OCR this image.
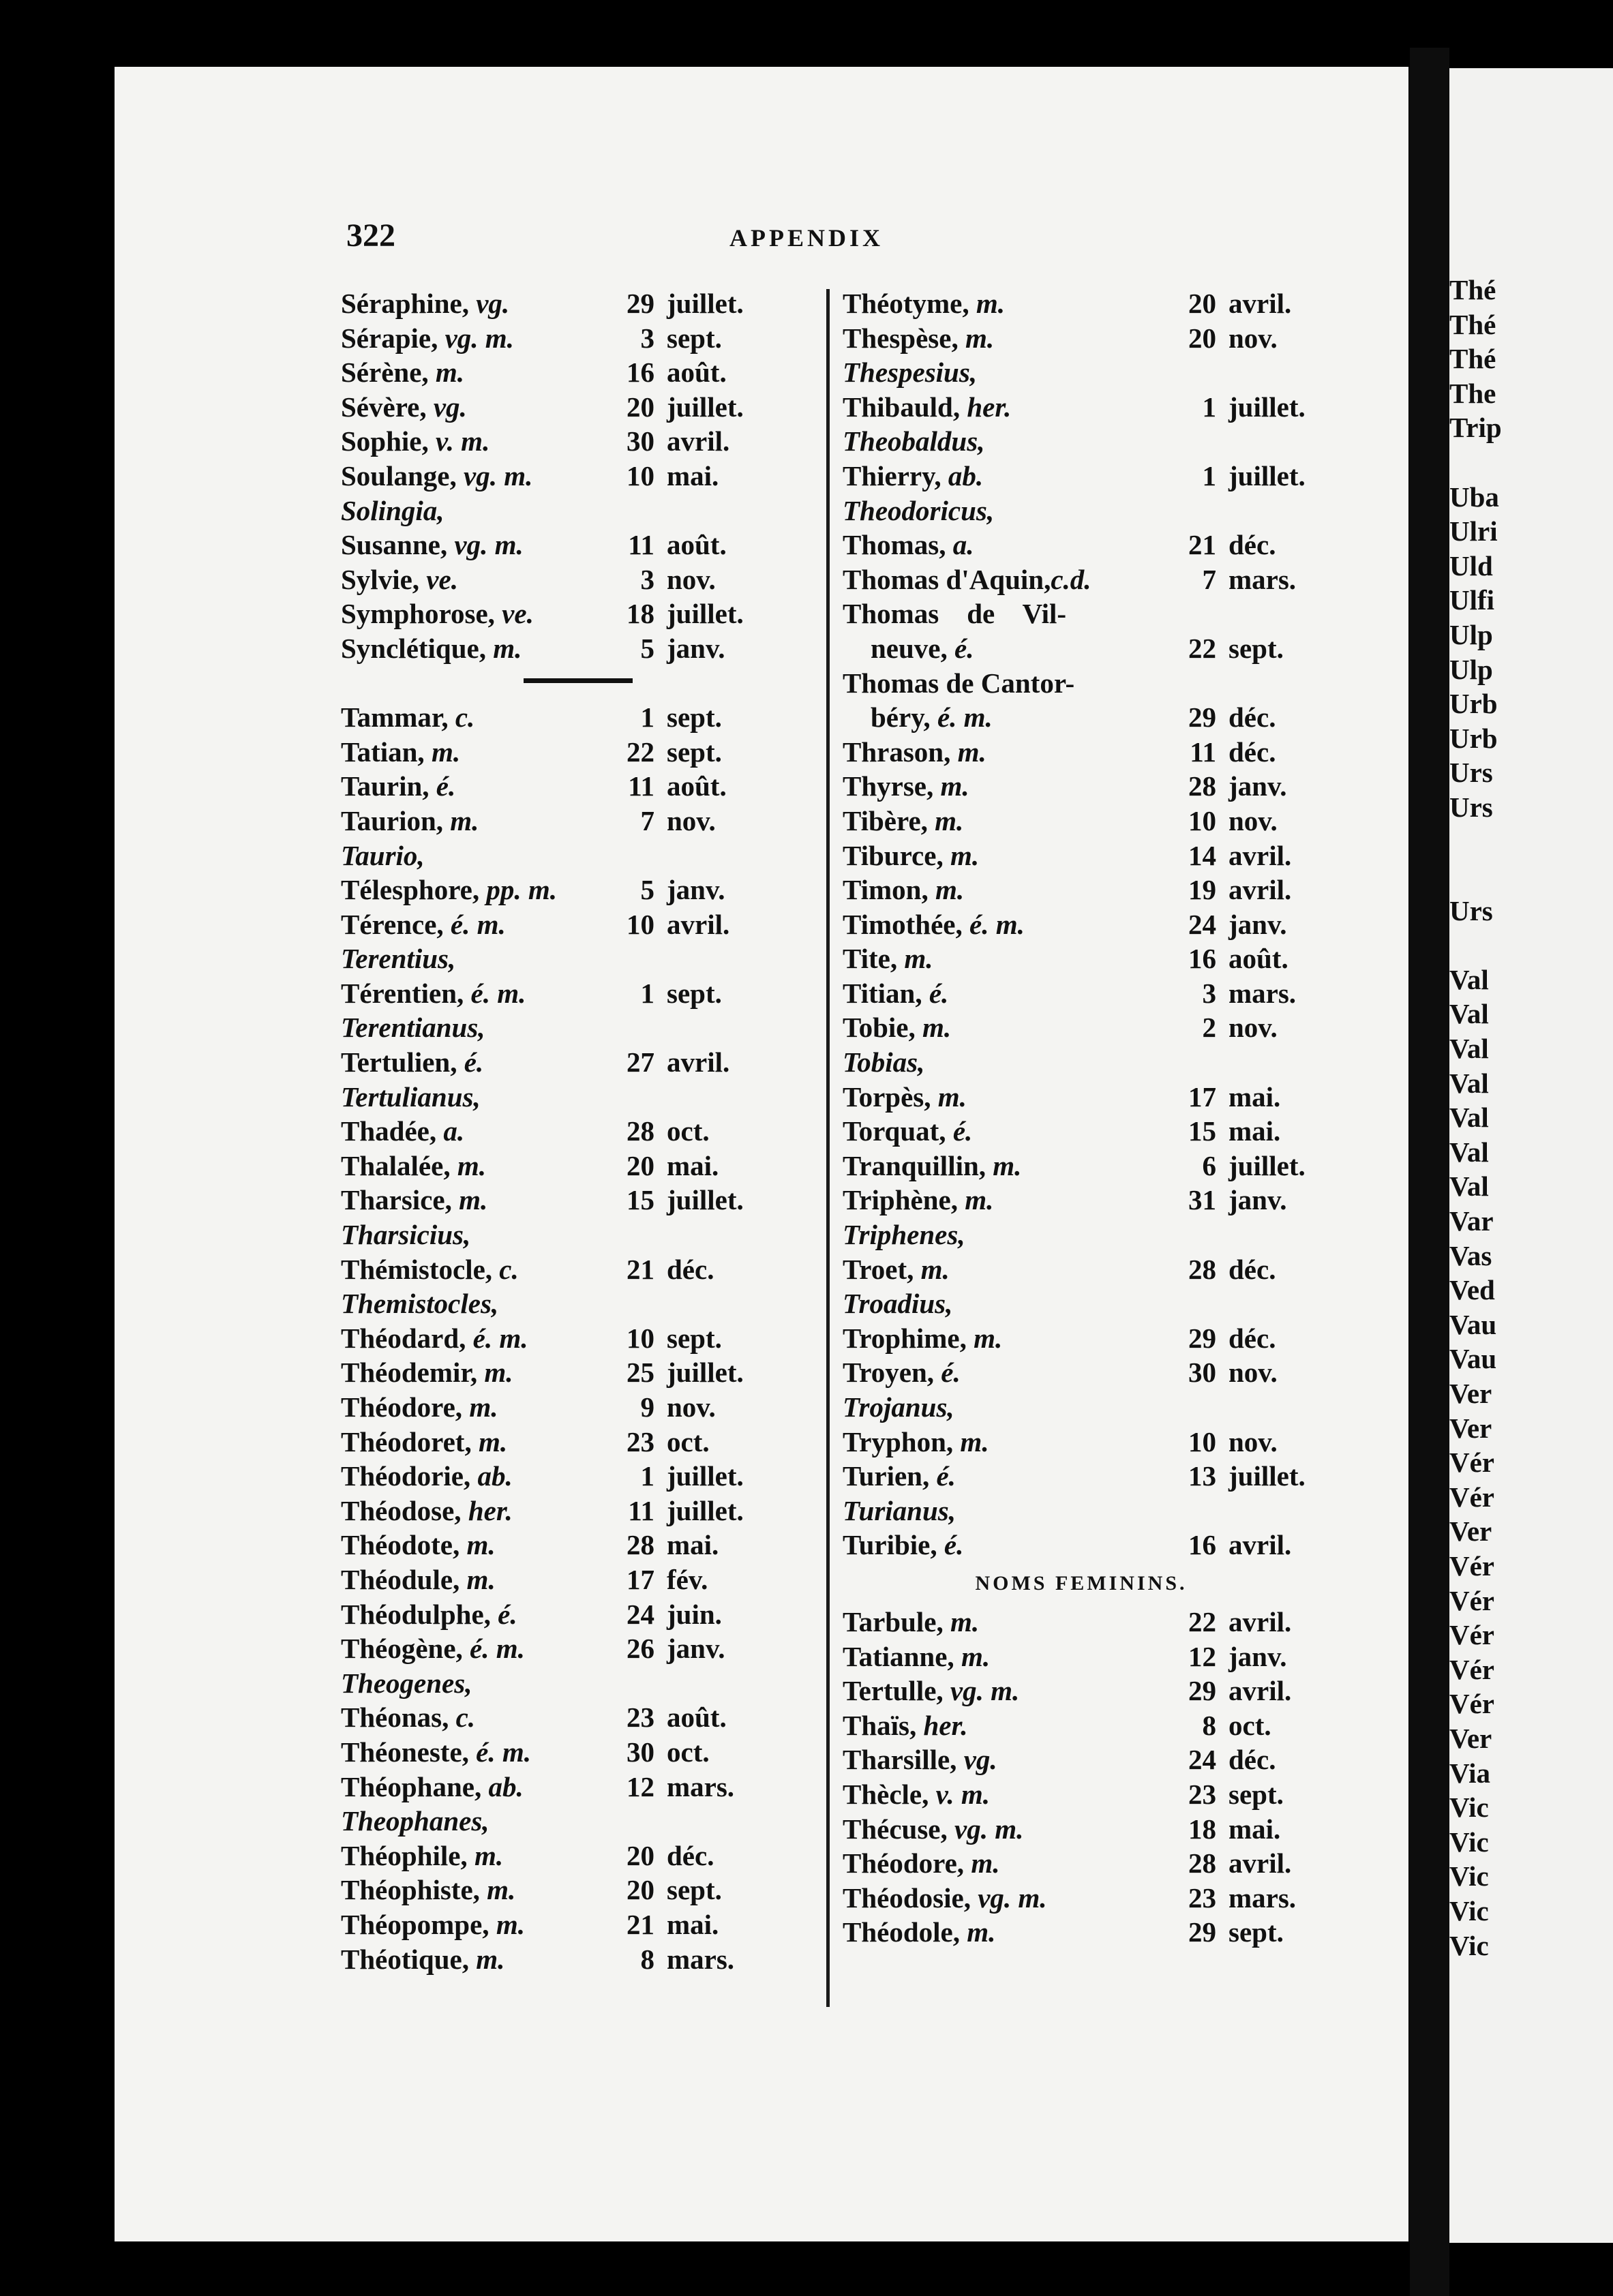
Thé
Thé
Thé
The
Trip
Uba
Ulri
Uld
Ulfi
Ulp
Ulp
Urb
Urb
Urs
Urs
Urs
Val
Val
Val
Val
Val
Val
Val
Var
Vas
Ved
Vau
Vau
Ver
Ver
Vér
Vér
Ver
Vér
Vér
Vér
Vér
Vér
Ver
Via
Vic
Vic
Vic
Vic
Vic
322	APPENDIX
Séraphine, vg.	29 juillet.
Sérapie, vg. m.	3 sept.
Sérène, m.	16 août.
Sévère, vg.	20 juillet.
Sophie, v. m.	30 avril.
Soulange, vg. m.	10 mai.
Solingia,
Susanne, vg. m.	11 août.
Sylvie, ve.	3 nov.
Symphorose, ve.	18 juillet.
Synclétique, m.	5 janv.
Tammar, c.	1 sept.
Tatian, m.	22 sept.
Taurin, é.	11 août.
Taurion, m.	7 nov.
Taurio,
Télesphore, pp. m.	5 janv.
Térence, é. m.	10 avril.
Terentius,
Térentien, é. m.	1 sept.
Terentianus,
Tertulien, é.	27 avril.
Tertulianus,
Thadée, a.	28 oct.
Thalalée, m.	20 mai.
Tharsice, m.	15 juillet.
Tharsicius,
Thémistocle, c.	21 déc.
Themistocles,
Théodard, é. m.	10 sept.
Théodemir, m.	25 juillet.
Théodore, m.	9 nov.
Théodoret, m.	23 oct.
Théodorie, ab.	1 juillet.
Théodose, her.	11 juillet.
Théodote, m.	28 mai.
Théodule, m.	17 fév.
Théodulphe, é.	24 juin.
Théogène, é. m.	26 janv.
Theogenes,
Théonas, c.	23 août.
Théoneste, é. m.	30 oct.
Théophane, ab.	12 mars.
Theophanes,
Théophile, m.	20 déc.
Théophiste, m.	20 sept.
Théopompe, m.	21 mai.
Théotique, m.	8 mars.
Théotyme, m.	20 avril.
Thespèse, m.	20 nov.
Thespesius,
Thibauld, her.	1 juillet.
Theobaldus,
Thierry, ab.	1 juillet.
Theodoricus,
Thomas, a.	21 déc.
Thomas d'Aquin,c.d.	7 mars.
Thomas    de    Vil-
neuve, é.	22 sept.
Thomas de Cantor-
béry, é. m.	29 déc.
Thrason, m.	11 déc.
Thyrse, m.	28 janv.
Tibère, m.	10 nov.
Tiburce, m.	14 avril.
Timon, m.	19 avril.
Timothée, é. m.	24 janv.
Tite, m.	16 août.
Titian, é.	3 mars.
Tobie, m.	2 nov.
Tobias,
Torpès, m.	17 mai.
Torquat, é.	15 mai.
Tranquillin, m.	6 juillet.
Triphène, m.	31 janv.
Triphenes,
Troet, m.	28 déc.
Troadius,
Trophime, m.	29 déc.
Troyen, é.	30 nov.
Trojanus,
Tryphon, m.	10 nov.
Turien, é.	13 juillet.
Turianus,
Turibie, é.	16 avril.
NOMS FEMININS.
Tarbule, m.	22 avril.
Tatianne, m.	12 janv.
Tertulle, vg. m.	29 avril.
Thaïs, her.	8 oct.
Tharsille, vg.	24 déc.
Thècle, v. m.	23 sept.
Thécuse, vg. m.	18 mai.
Théodore, m.	28 avril.
Théodosie, vg. m.	23 mars.
Théodole, m.	29 sept.
